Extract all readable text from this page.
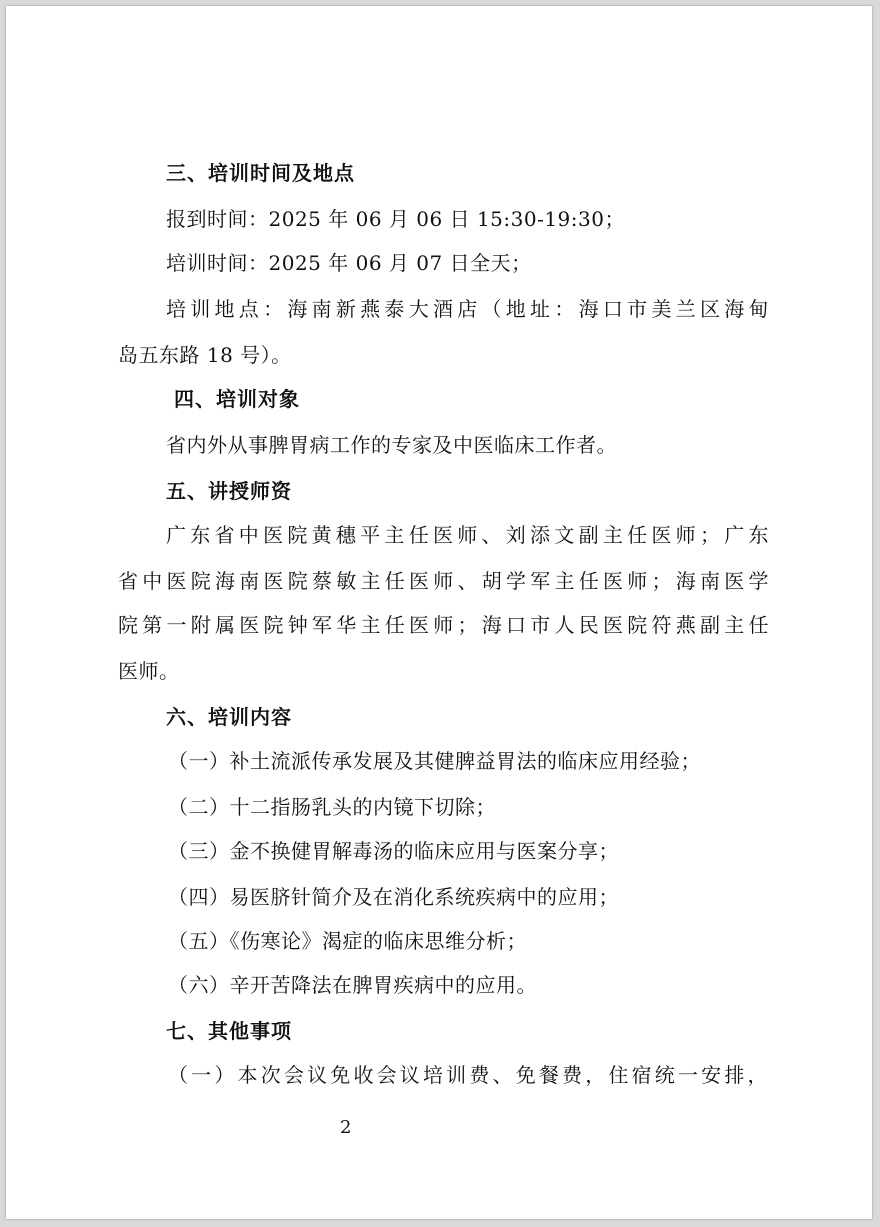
三、培训时间及地点
报到时间：2025 年 06 月 06 日 15:30-19:30；
培训时间：2025 年 06 月 07 日全天；
培训地点：海南新燕泰大酒店（地址：海口市美兰区海甸
岛五东路 18 号）。
四、培训对象
省内外从事脾胃病工作的专家及中医临床工作者。
五、讲授师资
广东省中医院黄穗平主任医师、刘添文副主任医师；广东
省中医院海南医院蔡敏主任医师、胡学军主任医师；海南医学
院第一附属医院钟军华主任医师；海口市人民医院符燕副主任
医师。
六、培训内容
（一）补土流派传承发展及其健脾益胃法的临床应用经验；
（二）十二指肠乳头的内镜下切除；
（三）金不换健胃解毒汤的临床应用与医案分享；
（四）易医脐针简介及在消化系统疾病中的应用；
（五）《伤寒论》渴症的临床思维分析；
（六）辛开苦降法在脾胃疾病中的应用。
七、其他事项
（一）本次会议免收会议培训费、免餐费，住宿统一安排，
2
